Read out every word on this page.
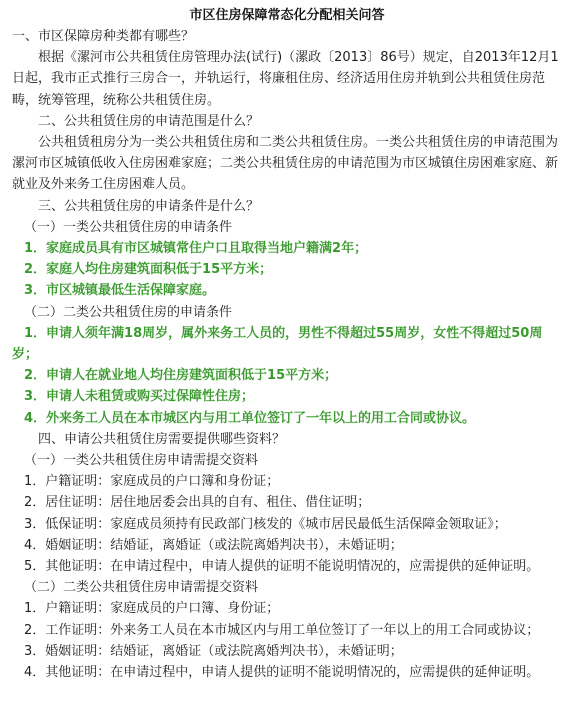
市区住房保障常态化分配相关问答

一、市区保障房种类都有哪些？

根据《漯河市公共租赁住房管理办法(试行)（漯政〔2013〕86号）规定，自2013年12月1日起，我市正式推行三房合一，并轨运行，将廉租住房、经济适用住房并轨到公共租赁住房范畴，统筹管理，统称公共租赁住房。

二、公共租赁住房的申请范围是什么？

公共租赁租房分为一类公共租赁住房和二类公共租赁住房。一类公共租赁住房的申请范围为漯河市区城镇低收入住房困难家庭；二类公共租赁住房的申请范围为市区城镇住房困难家庭、新就业及外来务工住房困难人员。

三、公共租赁住房的申请条件是什么？

（一）一类公共租赁住房的申请条件

1．家庭成员具有市区城镇常住户口且取得当地户籍满2年；

2．家庭人均住房建筑面积低于15平方米；

3．市区城镇最低生活保障家庭。

（二）二类公共租赁住房的申请条件

1．申请人须年满18周岁，属外来务工人员的，男性不得超过55周岁，女性不得超过50周岁；

2．申请人在就业地人均住房建筑面积低于15平方米；

3．申请人未租赁或购买过保障性住房；

4．外来务工人员在本市城区内与用工单位签订了一年以上的用工合同或协议。

四、申请公共租赁住房需要提供哪些资料？

（一）一类公共租赁住房申请需提交资料

1．户籍证明：家庭成员的户口簿和身份证；

2．居住证明：居住地居委会出具的自有、租住、借住证明；

3．低保证明：家庭成员须持有民政部门核发的《城市居民最低生活保障金领取证》；

4．婚姻证明：结婚证，离婚证（或法院离婚判决书），未婚证明；

5．其他证明：在申请过程中，申请人提供的证明不能说明情况的，应需提供的延伸证明。

（二）二类公共租赁住房申请需提交资料

1．户籍证明：家庭成员的户口簿、身份证；

2．工作证明：外来务工人员在本市城区内与用工单位签订了一年以上的用工合同或协议；

3．婚姻证明：结婚证，离婚证（或法院离婚判决书），未婚证明；

4．其他证明：在申请过程中，申请人提供的证明不能说明情况的，应需提供的延伸证明。
